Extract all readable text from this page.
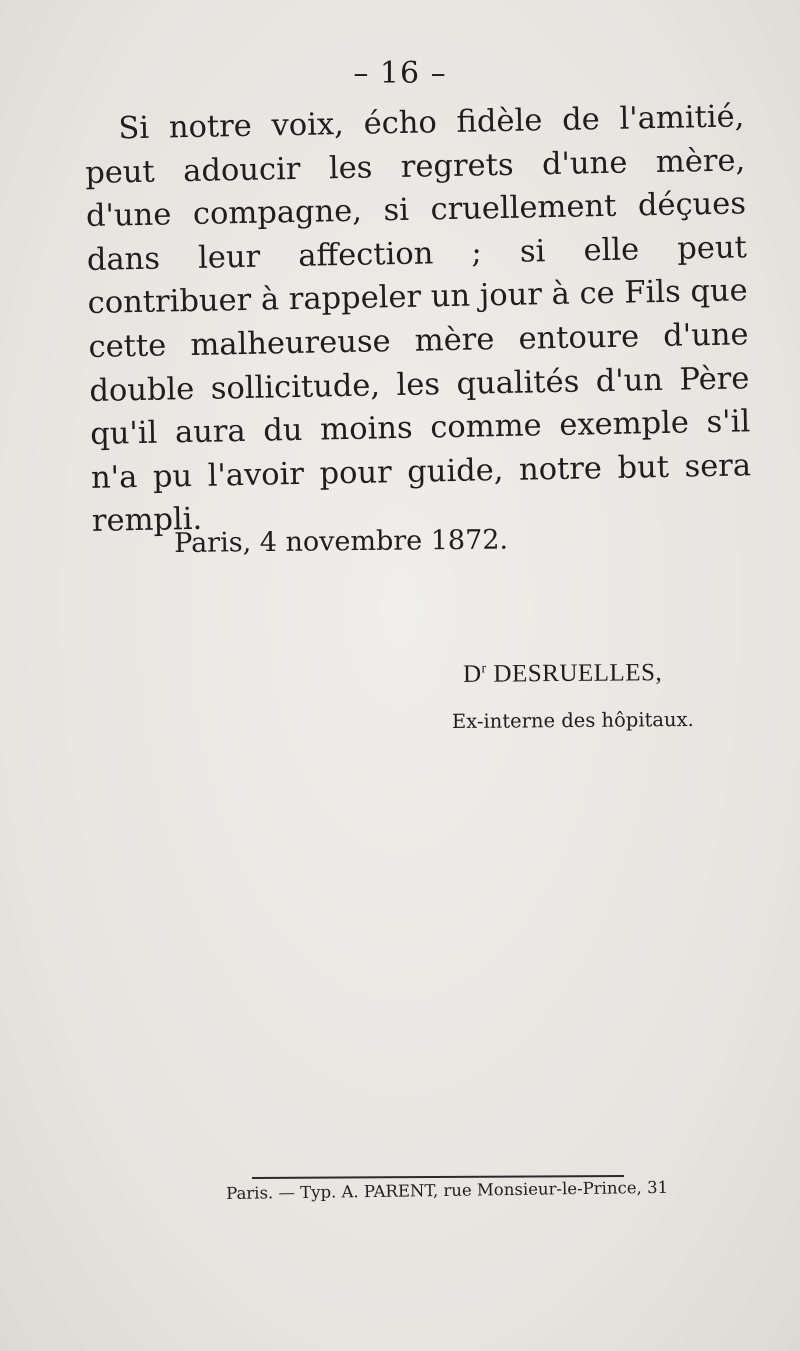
– 16 –

Si notre voix, écho fidèle de l'amitié, peut adoucir les regrets d'une mère, d'une compagne, si cruellement déçues dans leur affection ; si elle peut contribuer à rappeler un jour à ce Fils que cette malheureuse mère entoure d'une double sollicitude, les qualités d'un Père qu'il aura du moins comme exemple s'il n'a pu l'avoir pour guide, notre but sera rempli.

Paris, 4 novembre 1872.
$D^r$ DESRUELLES,
Ex-interne des hôpitaux.
Paris. — Typ. A. PARENT, rue Monsieur-le-Prince, 31
